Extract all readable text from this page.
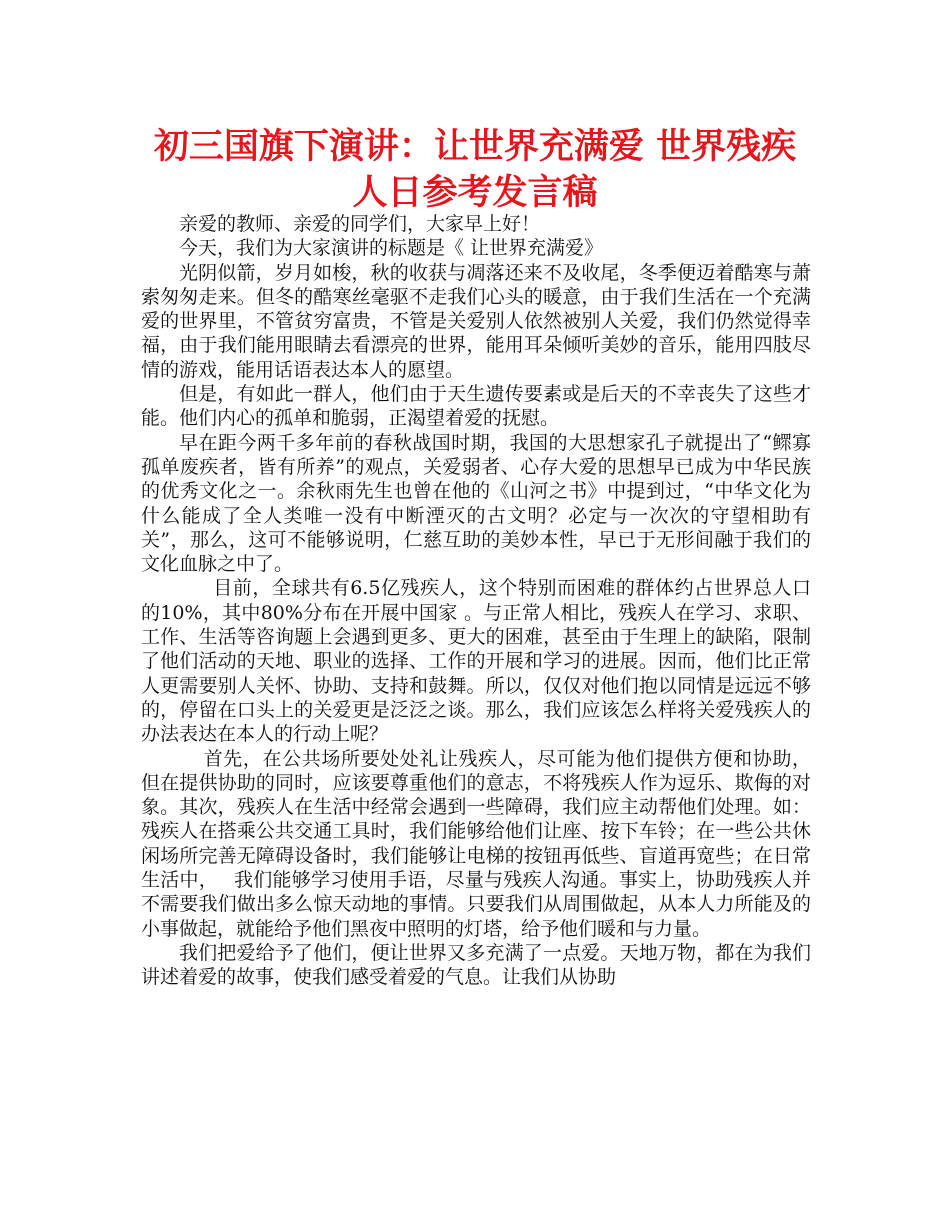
初三国旗下演讲：让世界充满爱 世界残疾人日参考发言稿

亲爱的教师、亲爱的同学们，大家早上好！

今天，我们为大家演讲的标题是《 让世界充满爱》

光阴似箭，岁月如梭，秋的收获与凋落还来不及收尾，冬季便迈着酷寒与萧索匆匆走来。但冬的酷寒丝毫驱不走我们心头的暖意，由于我们生活在一个充满爱的世界里，不管贫穷富贵，不管是关爱别人依然被别人关爱，我们仍然觉得幸福，由于我们能用眼睛去看漂亮的世界，能用耳朵倾听美妙的音乐，能用四肢尽情的游戏，能用话语表达本人的愿望。

但是，有如此一群人，他们由于天生遗传要素或是后天的不幸丧失了这些才能。他们内心的孤单和脆弱，正渴望着爱的抚慰。

早在距今两千多年前的春秋战国时期，我国的大思想家孔子就提出了“鳏寡孤单废疾者，皆有所养”的观点，关爱弱者、心存大爱的思想早已成为中华民族的优秀文化之一。余秋雨先生也曾在他的《山河之书》中提到过，“中华文化为什么能成了全人类唯一没有中断湮灭的古文明？必定与一次次的守望相助有关”，那么，这可不能够说明，仁慈互助的美妙本性，早已于无形间融于我们的文化血脉之中了。

目前，全球共有6.5亿残疾人，这个特别而困难的群体约占世界总人口的10%，其中80%分布在开展中国家 。与正常人相比，残疾人在学习、求职、工作、生活等咨询题上会遇到更多、更大的困难，甚至由于生理上的缺陷，限制了他们活动的天地、职业的选择、工作的开展和学习的进展。因而，他们比正常人更需要别人关怀、协助、支持和鼓舞。所以，仅仅对他们抱以同情是远远不够的，停留在口头上的关爱更是泛泛之谈。那么，我们应该怎么样将关爱残疾人的办法表达在本人的行动上呢？

首先，在公共场所要处处礼让残疾人，尽可能为他们提供方便和协助，但在提供协助的同时，应该要尊重他们的意志，不将残疾人作为逗乐、欺侮的对象。其次，残疾人在生活中经常会遇到一些障碍，我们应主动帮他们处理。如：残疾人在搭乘公共交通工具时，我们能够给他们让座、按下车铃；在一些公共休闲场所完善无障碍设备时，我们能够让电梯的按钮再低些、盲道再宽些；在日常生活中，　 我们能够学习使用手语，尽量与残疾人沟通。事实上，协助残疾人并不需要我们做出多么惊天动地的事情。只要我们从周围做起，从本人力所能及的小事做起，就能给予他们黑夜中照明的灯塔，给予他们暖和与力量。

我们把爱给予了他们，便让世界又多充满了一点爱。天地万物，都在为我们讲述着爱的故事，使我们感受着爱的气息。让我们从协助
